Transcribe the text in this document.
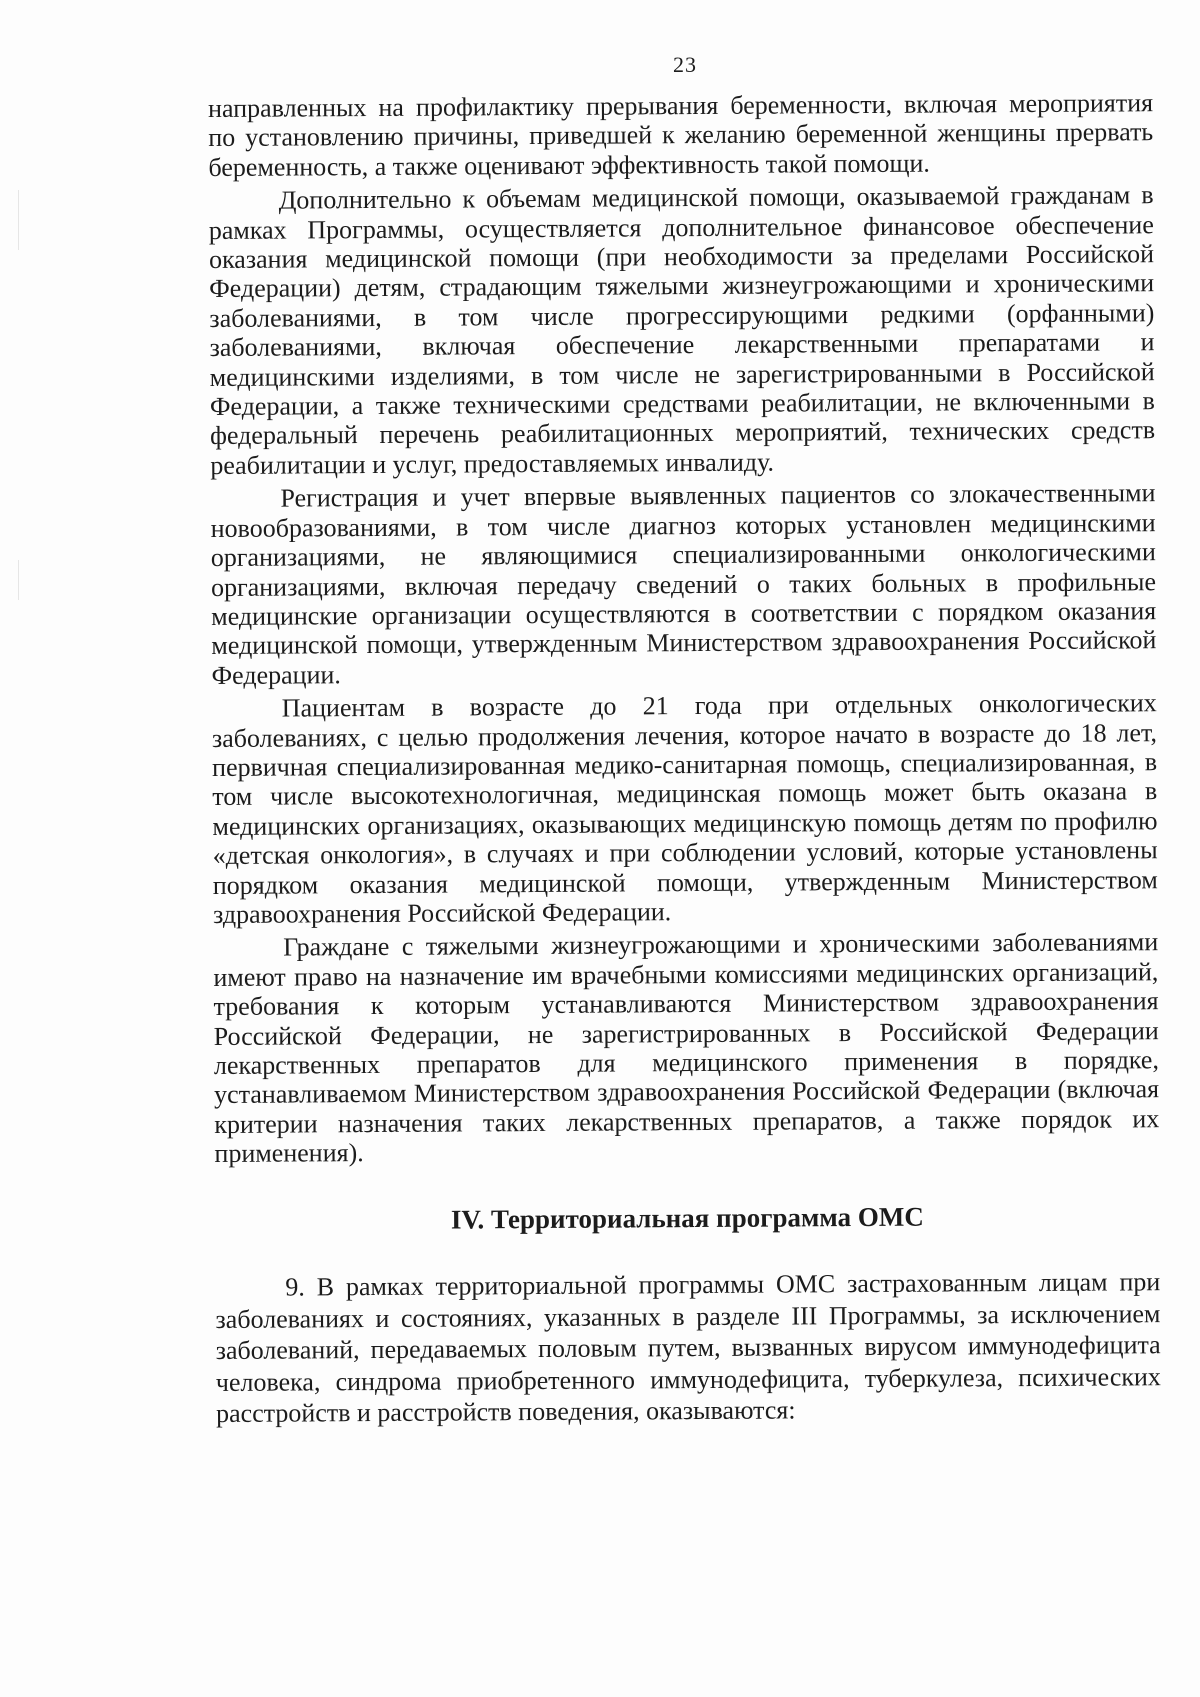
23

направленных на профилактику прерывания беременности, включая мероприятия по установлению причины, приведшей к желанию беременной женщины прервать беременность, а также оценивают эффективность такой помощи.

Дополнительно к объемам медицинской помощи, оказываемой гражданам в рамках Программы, осуществляется дополнительное финансовое обеспечение оказания медицинской помощи (при необходимости за пределами Российской Федерации) детям, страдающим тяжелыми жизнеугрожающими и хроническими заболеваниями, в том числе прогрессирующими редкими (орфанными) заболеваниями, включая обеспечение лекарственными препаратами и медицинскими изделиями, в том числе не зарегистрированными в Российской Федерации, а также техническими средствами реабилитации, не включенными в федеральный перечень реабилитационных мероприятий, технических средств реабилитации и услуг, предоставляемых инвалиду.

Регистрация и учет впервые выявленных пациентов со злокачественными новообразованиями, в том числе диагноз которых установлен медицинскими организациями, не являющимися специализированными онкологическими организациями, включая передачу сведений о таких больных в профильные медицинские организации осуществляются в соответствии с порядком оказания медицинской помощи, утвержденным Министерством здравоохранения Российской Федерации.

Пациентам в возрасте до 21 года при отдельных онкологических заболеваниях, с целью продолжения лечения, которое начато в возрасте до 18 лет, первичная специализированная медико-санитарная помощь, специализированная, в том числе высокотехнологичная, медицинская помощь может быть оказана в медицинских организациях, оказывающих медицинскую помощь детям по профилю «детская онкология», в случаях и при соблюдении условий, которые установлены порядком оказания медицинской помощи, утвержденным Министерством здравоохранения Российской Федерации.

Граждане с тяжелыми жизнеугрожающими и хроническими заболеваниями имеют право на назначение им врачебными комиссиями медицинских организаций, требования к которым устанавливаются Министерством здравоохранения Российской Федерации, не зарегистрированных в Российской Федерации лекарственных препаратов для медицинского применения в порядке, устанавливаемом Министерством здравоохранения Российской Федерации (включая критерии назначения таких лекарственных препаратов, а также порядок их применения).

IV. Территориальная программа ОМС

9. В рамках территориальной программы ОМС застрахованным лицам при заболеваниях и состояниях, указанных в разделе III Программы, за исключением заболеваний, передаваемых половым путем, вызванных вирусом иммунодефицита человека, синдрома приобретенного иммунодефицита, туберкулеза, психических расстройств и расстройств поведения, оказываются:
